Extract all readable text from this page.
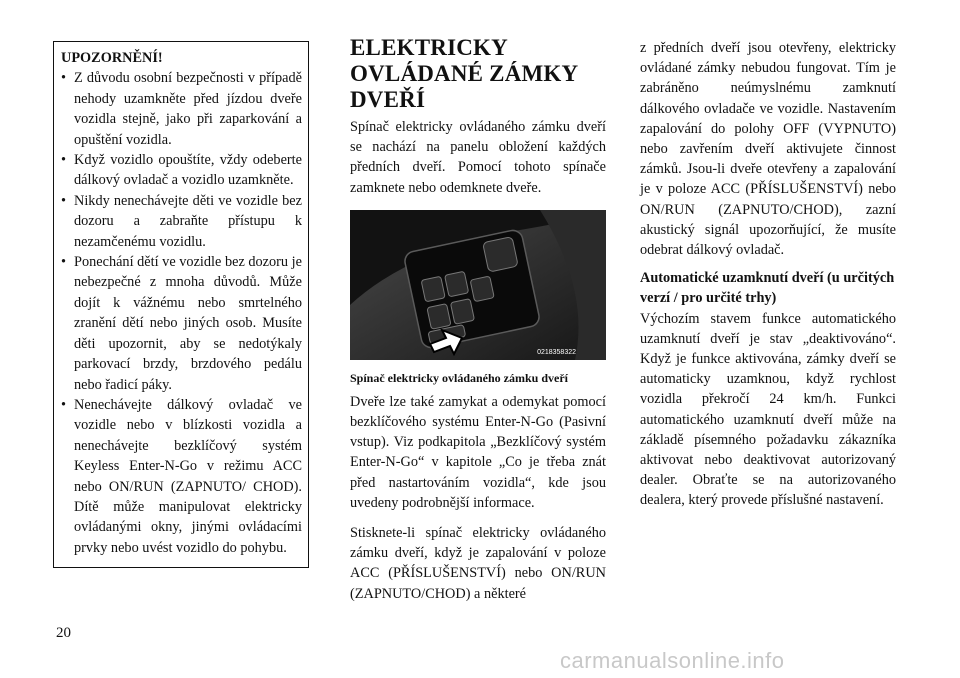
UPOZORNĚNÍ!
• Z důvodu osobní bezpečnosti v případě nehody uzamkněte před jízdou dveře vozidla stejně, jako při zaparkování a opuštění vozidla.
• Když vozidlo opouštíte, vždy odeberte dálkový ovladač a vozidlo uzamkněte.
• Nikdy nenechávejte děti ve vozidle bez dozoru a zabraňte přístupu k nezamčenému vozidlu.
• Ponechání dětí ve vozidle bez dozoru je nebezpečné z mnoha důvodů. Může dojít k vážnému nebo smrtelného zranění dětí nebo jiných osob. Musíte děti upozornit, aby se nedotýkaly parkovací brzdy, brzdového pedálu nebo řadicí páky.
• Nenechávejte dálkový ovladač ve vozidle nebo v blízkosti vozidla a nenechávejte bezklíčový systém Keyless Enter-N-Go v režimu ACC nebo ON/RUN (ZAPNUTO/ CHOD). Dítě může manipulovat elektricky ovládanými okny, jinými ovládacími prvky nebo uvést vozidlo do pohybu.
ELEKTRICKY OVLÁDANÉ ZÁMKY DVEŘÍ

Spínač elektricky ovládaného zámku dveří se nachází na panelu obložení každých předních dveří. Pomocí tohoto spínače zamknete nebo odemknete dveře.

0218358322
Spínač elektricky ovládaného zámku dveří

Dveře lze také zamykat a odemykat pomocí bezklíčového systému Enter-N-Go (Pasivní vstup). Viz podkapitola „Bezklíčový systém Enter-N-Go“ v kapitole „Co je třeba znát před nastartováním vozidla“, kde jsou uvedeny podrobnější informace.

Stisknete-li spínač elektricky ovládaného zámku dveří, když je zapalování v poloze ACC (PŘÍSLUŠENSTVÍ) nebo ON/RUN (ZAPNUTO/CHOD) a některé

z předních dveří jsou otevřeny, elektricky ovládané zámky nebudou fungovat. Tím je zabráněno neúmyslnému zamknutí dálkového ovladače ve vozidle. Nastavením zapalování do polohy OFF (VYPNUTO) nebo zavřením dveří aktivujete činnost zámků. Jsou-li dveře otevřeny a zapalování je v poloze ACC (PŘÍSLUŠENSTVÍ) nebo ON/RUN (ZAPNUTO/CHOD), zazní akustický signál upozorňující, že musíte odebrat dálkový ovladač.

Automatické uzamknutí dveří (u určitých verzí / pro určité trhy)

Výchozím stavem funkce automatického uzamknutí dveří je stav „deaktivováno“. Když je funkce aktivována, zámky dveří se automaticky uzamknou, když rychlost vozidla překročí 24 km/h. Funkci automatického uzamknutí dveří může na základě písemného požadavku zákazníka aktivovat nebo deaktivovat autorizovaný dealer. Obraťte se na autorizovaného dealera, který provede příslušné nastavení.

20
carmanualsonline.info
